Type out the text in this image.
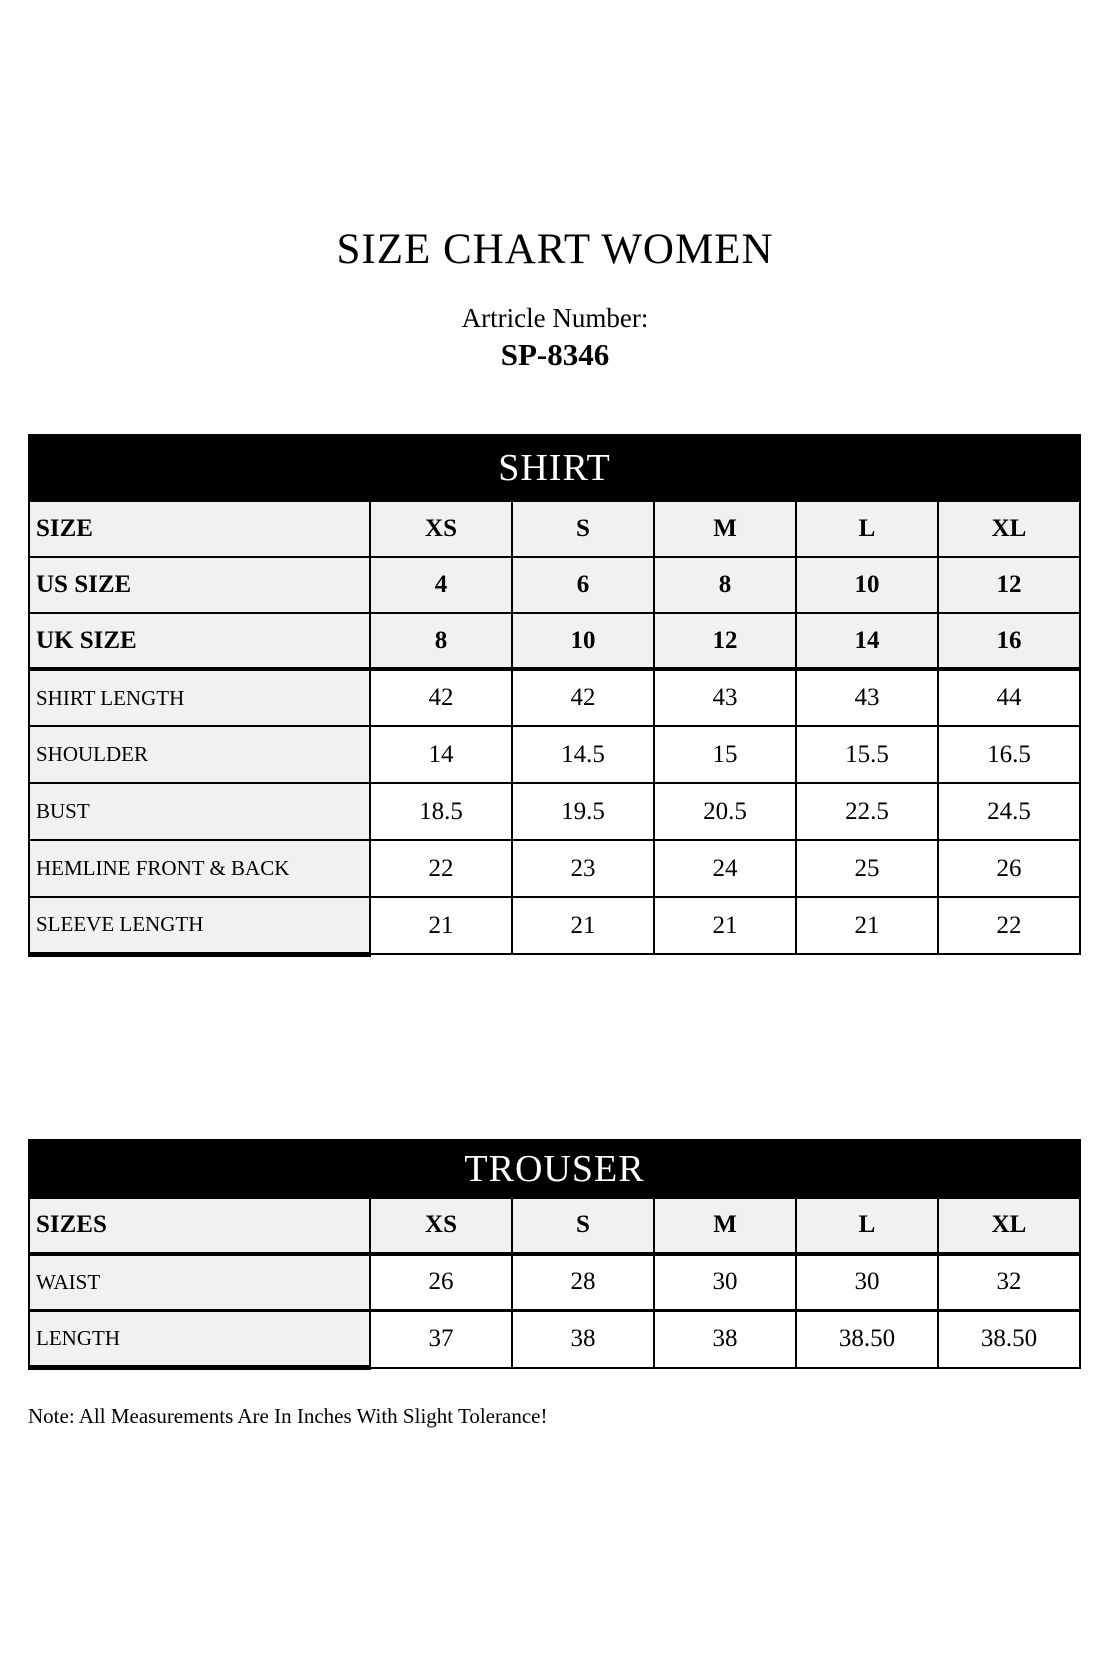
SIZE CHART WOMEN
Artricle Number:
SP-8346
SHIRT					
SIZE	XS	S	M	L	XL
US SIZE	4	6	8	10	12
UK SIZE	8	10	12	14	16
SHIRT LENGTH	42	42	43	43	44
SHOULDER	14	14.5	15	15.5	16.5
BUST	18.5	19.5	20.5	22.5	24.5
HEMLINE FRONT & BACK	22	23	24	25	26
SLEEVE LENGTH	21	21	21	21	22
TROUSER					
SIZES	XS	S	M	L	XL
WAIST	26	28	30	30	32
LENGTH	37	38	38	38.50	38.50
Note: All Measurements Are In Inches With Slight Tolerance!
